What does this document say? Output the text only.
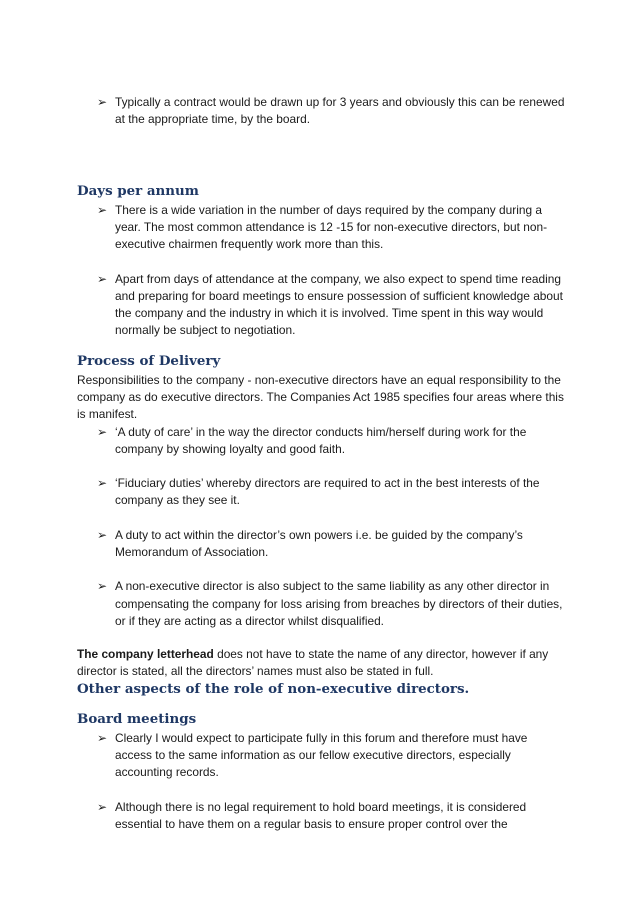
➢ Typically a contract would be drawn up for 3 years and obviously this can be renewed at the appropriate time, by the board.
Days per annum
➢ There is a wide variation in the number of days required by the company during a year. The most common attendance is 12 -15 for non-executive directors, but non-executive chairmen frequently work more than this.
➢ Apart from days of attendance at the company, we also expect to spend time reading and preparing for board meetings to ensure possession of sufficient knowledge about the company and the industry in which it is involved. Time spent in this way would normally be subject to negotiation.
Process of Delivery

Responsibilities to the company - non-executive directors have an equal responsibility to the company as do executive directors. The Companies Act 1985 specifies four areas where this is manifest.

➢ ‘A duty of care’ in the way the director conducts him/herself during work for the company by showing loyalty and good faith.
➢ ‘Fiduciary duties’ whereby directors are required to act in the best interests of the company as they see it.
➢ A duty to act within the director’s own powers i.e. be guided by the company’s Memorandum of Association.
➢ A non-executive director is also subject to the same liability as any other director in compensating the company for loss arising from breaches by directors of their duties, or if they are acting as a director whilst disqualified.

The company letterhead does not have to state the name of any director, however if any director is stated, all the directors’ names must also be stated in full.

Other aspects of the role of non-executive directors.
Board meetings
➢ Clearly I would expect to participate fully in this forum and therefore must have access to the same information as our fellow executive directors, especially accounting records.
➢ Although there is no legal requirement to hold board meetings, it is considered essential to have them on a regular basis to ensure proper control over the
